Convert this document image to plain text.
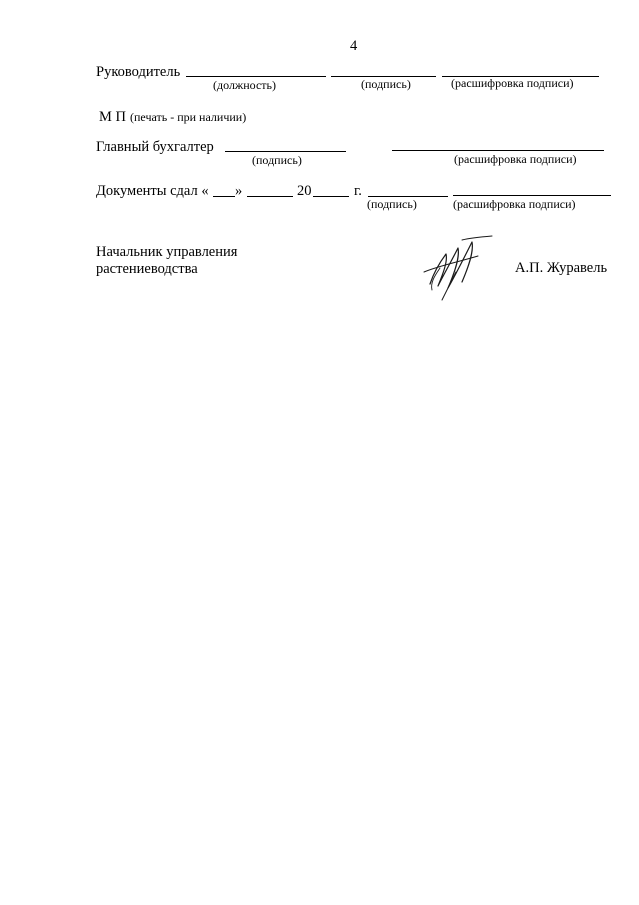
4
Руководитель
(должность)	(подпись)	(расшифровка подписи)
М П (печать - при наличии)
Главный бухгалтер
(подпись)	(расшифровка подписи)
Документы сдал « »	20	г.
(подпись)	(расшифровка подписи)
Начальник управления
растениеводства	А.П. Журавель
